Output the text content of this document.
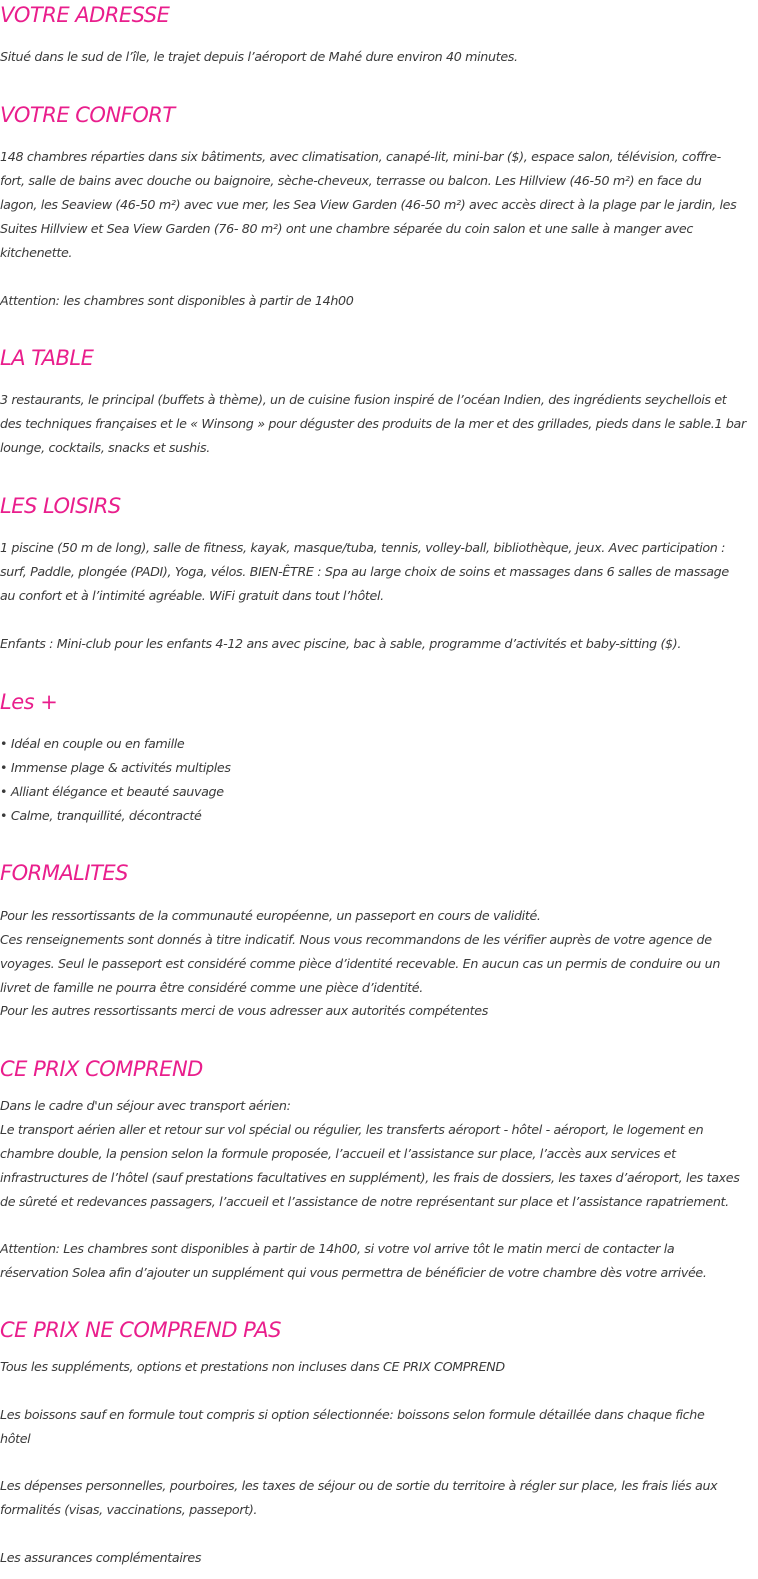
VOTRE ADRESSE
Situé dans le sud de l’île, le trajet depuis l’aéroport de Mahé dure environ 40 minutes.
VOTRE CONFORT
148 chambres réparties dans six bâtiments, avec climatisation, canapé-lit, mini-bar ($), espace salon, télévision, coffre-
fort, salle de bains avec douche ou baignoire, sèche-cheveux, terrasse ou balcon. Les Hillview (46-50 m²) en face du
lagon, les Seaview (46-50 m²) avec vue mer, les Sea View Garden (46-50 m²) avec accès direct à la plage par le jardin, les
Suites Hillview et Sea View Garden (76- 80 m²) ont une chambre séparée du coin salon et une salle à manger avec
kitchenette.
Attention: les chambres sont disponibles à partir de 14h00
LA TABLE
3 restaurants, le principal (buffets à thème), un de cuisine fusion inspiré de l’océan Indien, des ingrédients seychellois et
des techniques françaises et le « Winsong » pour déguster des produits de la mer et des grillades, pieds dans le sable.1 bar
lounge, cocktails, snacks et sushis.
LES LOISIRS
1 piscine (50 m de long), salle de fitness, kayak, masque/tuba, tennis, volley-ball, bibliothèque, jeux. Avec participation :
surf, Paddle, plongée (PADI), Yoga, vélos. BIEN-ÊTRE : Spa au large choix de soins et massages dans 6 salles de massage
au confort et à l’intimité agréable. WiFi gratuit dans tout l’hôtel.
Enfants : Mini-club pour les enfants 4-12 ans avec piscine, bac à sable, programme d’activités et baby-sitting ($).
Les +
• Idéal en couple ou en famille
• Immense plage & activités multiples
• Alliant élégance et beauté sauvage
• Calme, tranquillité, décontracté
FORMALITES
Pour les ressortissants de la communauté européenne, un passeport en cours de validité.
Ces renseignements sont donnés à titre indicatif. Nous vous recommandons de les vérifier auprès de votre agence de
voyages. Seul le passeport est considéré comme pièce d’identité recevable. En aucun cas un permis de conduire ou un
livret de famille ne pourra être considéré comme une pièce d’identité.
Pour les autres ressortissants merci de vous adresser aux autorités compétentes
CE PRIX COMPREND
Dans le cadre d'un séjour avec transport aérien:
Le transport aérien aller et retour sur vol spécial ou régulier, les transferts aéroport - hôtel - aéroport, le logement en
chambre double, la pension selon la formule proposée, l’accueil et l’assistance sur place, l’accès aux services et
infrastructures de l’hôtel (sauf prestations facultatives en supplément), les frais de dossiers, les taxes d’aéroport, les taxes
de sûreté et redevances passagers, l’accueil et l’assistance de notre représentant sur place et l’assistance rapatriement.
Attention: Les chambres sont disponibles à partir de 14h00, si votre vol arrive tôt le matin merci de contacter la
réservation Solea afin d’ajouter un supplément qui vous permettra de bénéficier de votre chambre dès votre arrivée.
CE PRIX NE COMPREND PAS
Tous les suppléments, options et prestations non incluses dans CE PRIX COMPREND
Les boissons sauf en formule tout compris si option sélectionnée: boissons selon formule détaillée dans chaque fiche
hôtel
Les dépenses personnelles, pourboires, les taxes de séjour ou de sortie du territoire à régler sur place, les frais liés aux
formalités (visas, vaccinations, passeport).
Les assurances complémentaires
